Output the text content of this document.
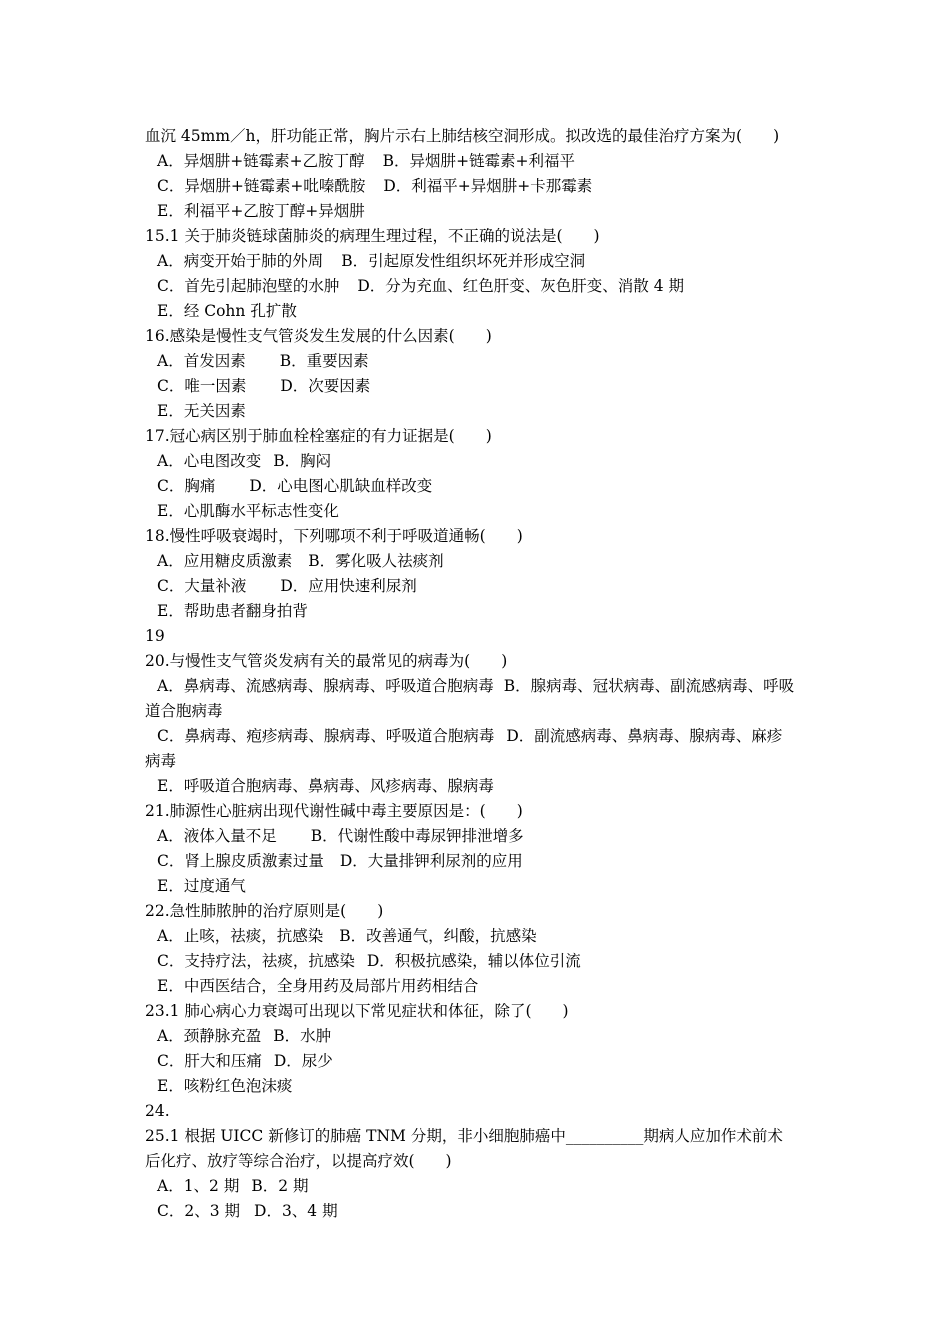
血沉 45mm／h，肝功能正常，胸片示右上肺结核空洞形成。拟改选的最佳治疗方案为(　　)
A．异烟肼+链霉素+乙胺丁醇 B．异烟肼+链霉素+利福平
C．异烟肼+链霉素+吡嗪酰胺 D．利福平+异烟肼+卡那霉素
E．利福平+乙胺丁醇+异烟肼
15.1 关于肺炎链球菌肺炎的病理生理过程，不正确的说法是(　　)
A．病变开始于肺的外周 B．引起原发性组织坏死并形成空洞
C．首先引起肺泡壁的水肿 D．分为充血、红色肝变、灰色肝变、消散 4 期
E．经 Cohn 孔扩散
16.感染是慢性支气管炎发生发展的什么因素(　　)
A．首发因素 B．重要因素
C．唯一因素 D．次要因素
E．无关因素
17.冠心病区别于肺血栓栓塞症的有力证据是(　　)
A．心电图改变 B．胸闷
C．胸痛 D．心电图心肌缺血样改变
E．心肌酶水平标志性变化
18.慢性呼吸衰竭时，下列哪项不利于呼吸道通畅(　　)
A．应用糖皮质激素 B．雾化吸人祛痰剂
C．大量补液 D．应用快速利尿剂
E．帮助患者翻身拍背
19
20.与慢性支气管炎发病有关的最常见的病毒为(　　)
A．鼻病毒、流感病毒、腺病毒、呼吸道合胞病毒 B．腺病毒、冠状病毒、副流感病毒、呼吸
道合胞病毒
C．鼻病毒、疱疹病毒、腺病毒、呼吸道合胞病毒 D．副流感病毒、鼻病毒、腺病毒、麻疹
病毒
E．呼吸道合胞病毒、鼻病毒、风疹病毒、腺病毒
21.肺源性心脏病出现代谢性碱中毒主要原因是：(　　)
A．液体入量不足 B．代谢性酸中毒尿钾排泄增多
C．肾上腺皮质激素过量 D．大量排钾利尿剂的应用
E．过度通气
22.急性肺脓肿的治疗原则是(　　)
A．止咳，祛痰，抗感染 B．改善通气，纠酸，抗感染
C．支持疗法，祛痰，抗感染 D．积极抗感染，辅以体位引流
E．中西医结合，全身用药及局部片用药相结合
23.1 肺心病心力衰竭可出现以下常见症状和体征，除了(　　)
A．颈静脉充盈 B．水肿
C．肝大和压痛 D．尿少
E．咳粉红色泡沫痰
24.
25.1 根据 UICC 新修订的肺癌 TNM 分期，非小细胞肺癌中__________期病人应加作术前术
后化疗、放疗等综合治疗，以提高疗效(　　)
A．1、2 期 B．2 期
C．2、3 期 D．3、4 期
